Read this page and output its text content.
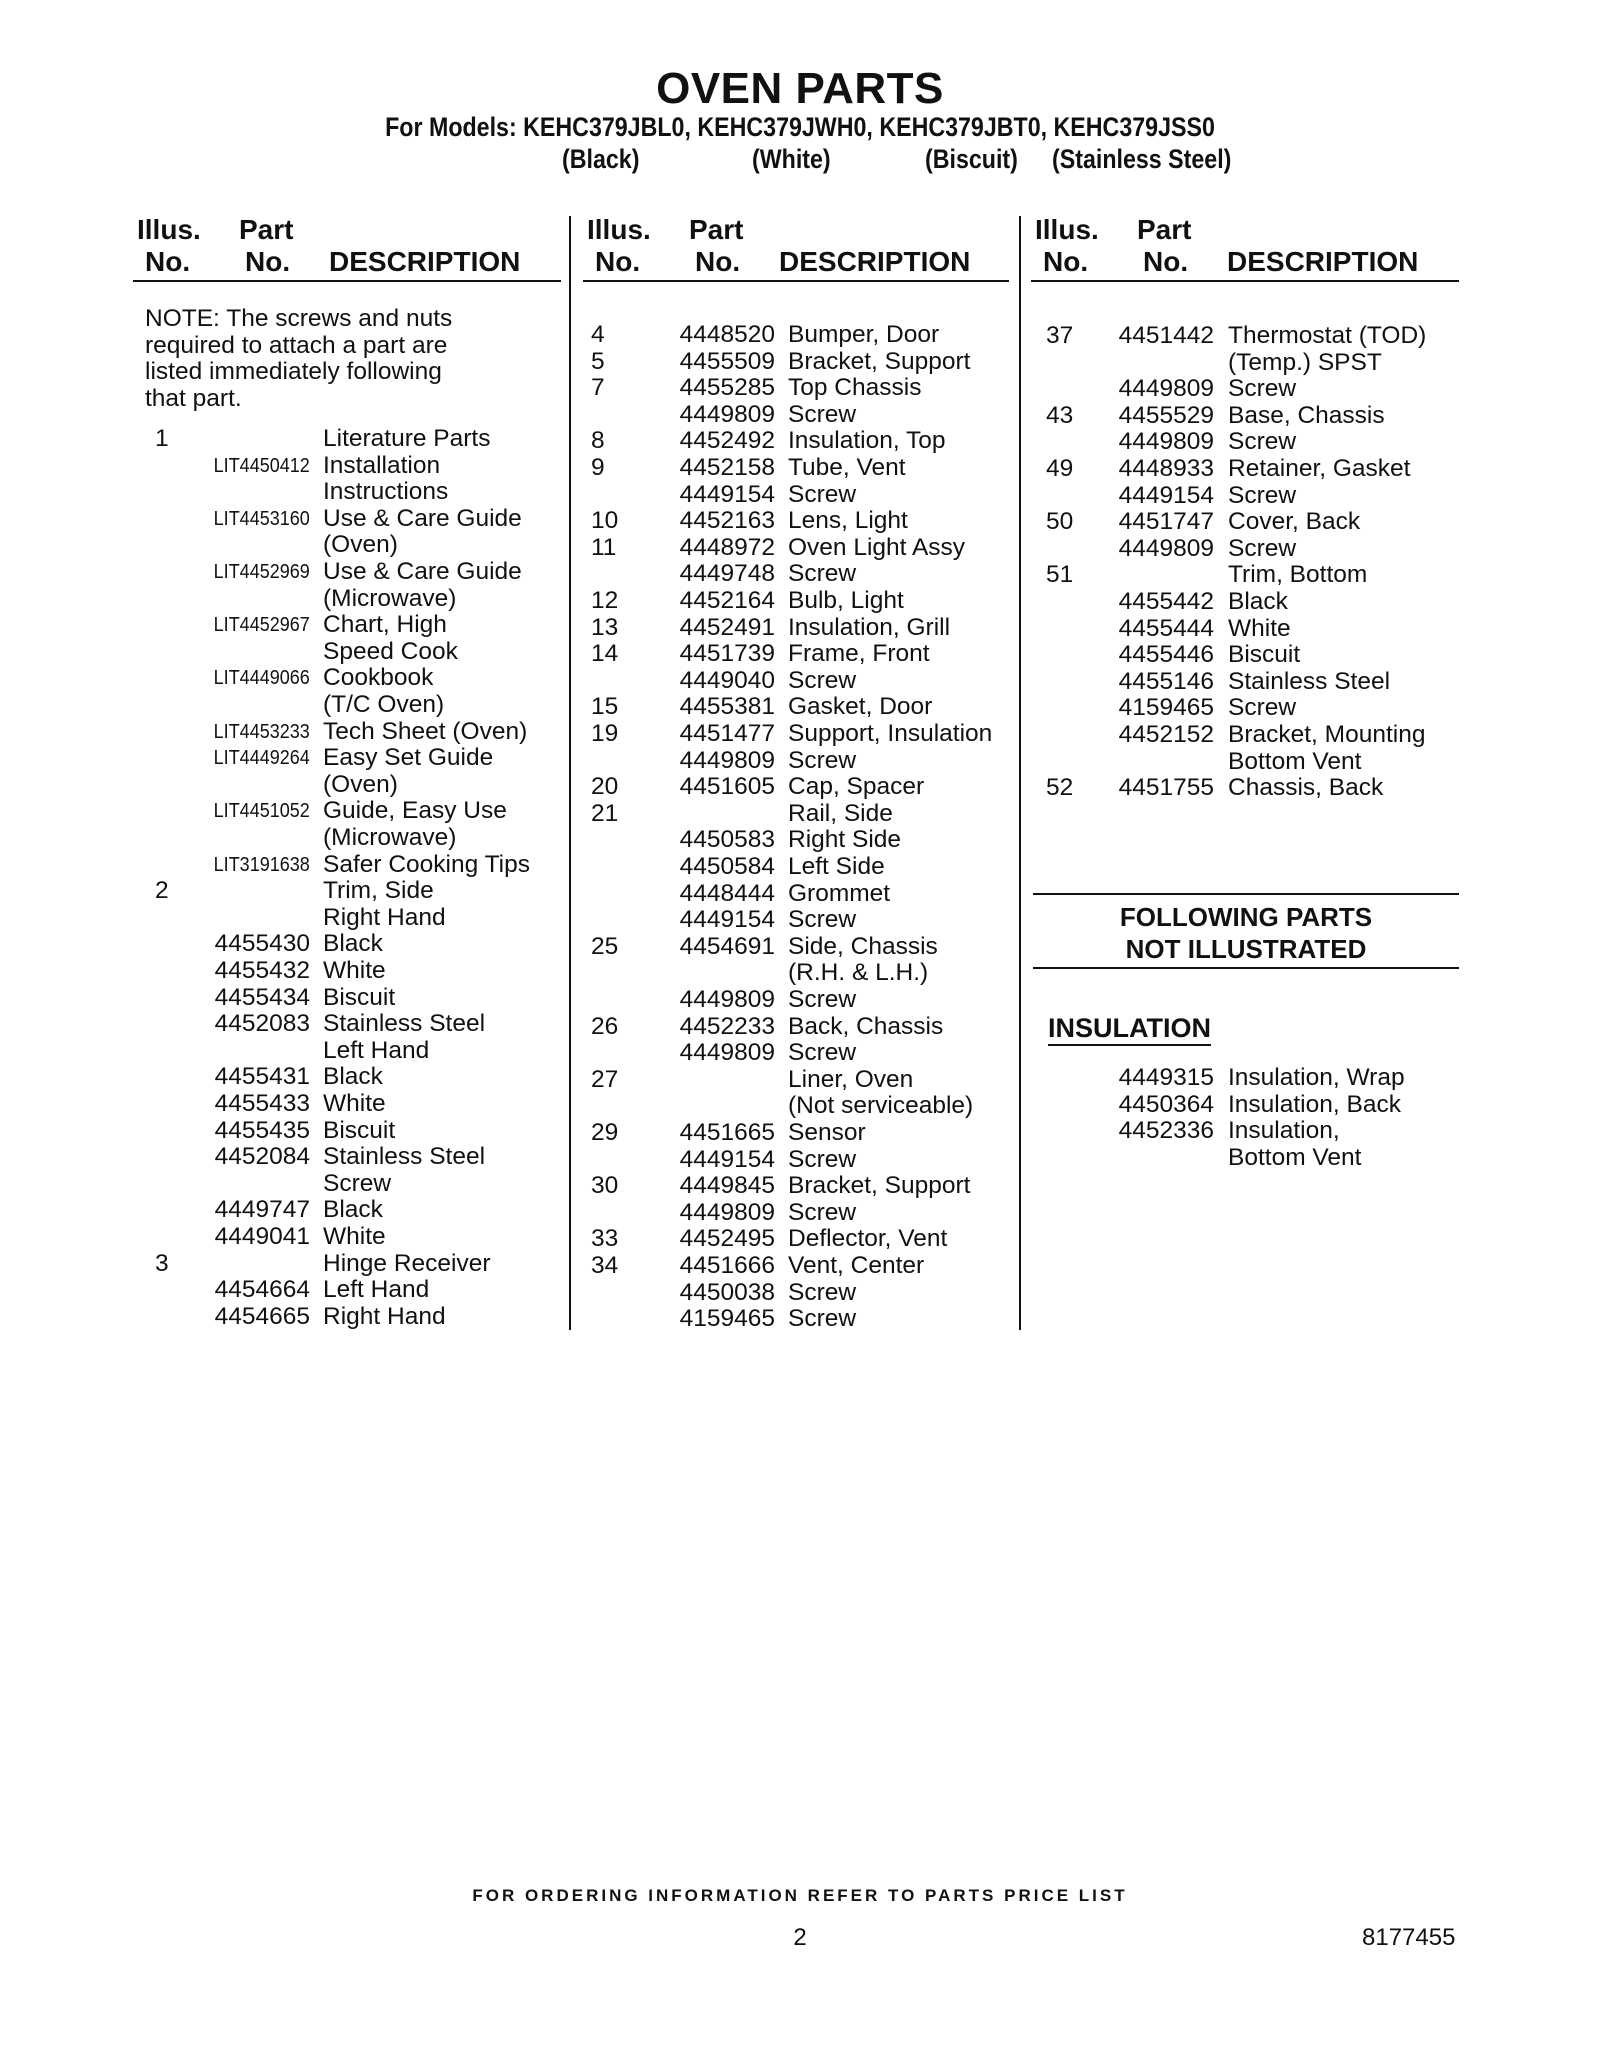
OVEN PARTS
For Models: KEHC379JBL0, KEHC379JWH0, KEHC379JBT0, KEHC379JSS0
(Black)	(White)	(Biscuit) (Stainless Steel)
Illus.
No.
Part
No. DESCRIPTION
Illus.
No.
Part
No. DESCRIPTION
Illus.
No.
Part
No. DESCRIPTION
NOTE: The screws and nuts required to attach a part are listed immediately following that part.
1	Literature Parts
LIT4450412 Installation
Instructions
LIT4453160 Use & Care Guide
(Oven)
LIT4452969 Use & Care Guide
(Microwave)
LIT4452967 Chart, High
Speed Cook
LIT4449066 Cookbook
(T/C Oven)
LIT4453233 Tech Sheet (Oven)
LIT4449264 Easy Set Guide
(Oven)
LIT4451052 Guide, Easy Use
(Microwave)
LIT3191638 Safer Cooking Tips
2	Trim, Side
Right Hand
4455430 Black
4455432 White
4455434 Biscuit
4452083 Stainless Steel
Left Hand
4455431 Black
4455433 White
4455435 Biscuit
4452084 Stainless Steel
Screw
4449747 Black
4449041 White
3	Hinge Receiver
4454664 Left Hand
4454665 Right Hand
4	4448520 Bumper, Door
5	4455509 Bracket, Support
7	4455285 Top Chassis
4449809 Screw
8	4452492 Insulation, Top
9	4452158 Tube, Vent
4449154 Screw
10	4452163 Lens, Light
11	4448972 Oven Light Assy
4449748 Screw
12	4452164 Bulb, Light
13	4452491 Insulation, Grill
14	4451739 Frame, Front
4449040 Screw
15	4455381 Gasket, Door
19	4451477 Support, Insulation
4449809 Screw
20	4451605 Cap, Spacer
21	Rail, Side
4450583 Right Side
4450584 Left Side
4448444 Grommet
4449154 Screw
25	4454691 Side, Chassis
(R.H. & L.H.)
4449809 Screw
26	4452233 Back, Chassis
4449809 Screw
27	Liner, Oven
(Not serviceable)
29	4451665 Sensor
4449154 Screw
30	4449845 Bracket, Support
4449809 Screw
33	4452495 Deflector, Vent
34	4451666 Vent, Center
4450038 Screw
4159465 Screw
37 4451442 Thermostat (TOD)
(Temp.) SPST
4449809 Screw
43 4455529 Base, Chassis
4449809 Screw
49 4448933 Retainer, Gasket
4449154 Screw
50 4451747 Cover, Back
4449809 Screw
51	Trim, Bottom
4455442 Black
4455444 White
4455446 Biscuit
4455146 Stainless Steel
4159465 Screw
4452152 Bracket, Mounting
Bottom Vent
52 4451755 Chassis, Back
FOLLOWING PARTS
NOT ILLUSTRATED
INSULATION
4449315 Insulation, Wrap
4450364 Insulation, Back
4452336 Insulation,
Bottom Vent
FOR ORDERING INFORMATION REFER TO PARTS PRICE LIST
2	8177455
